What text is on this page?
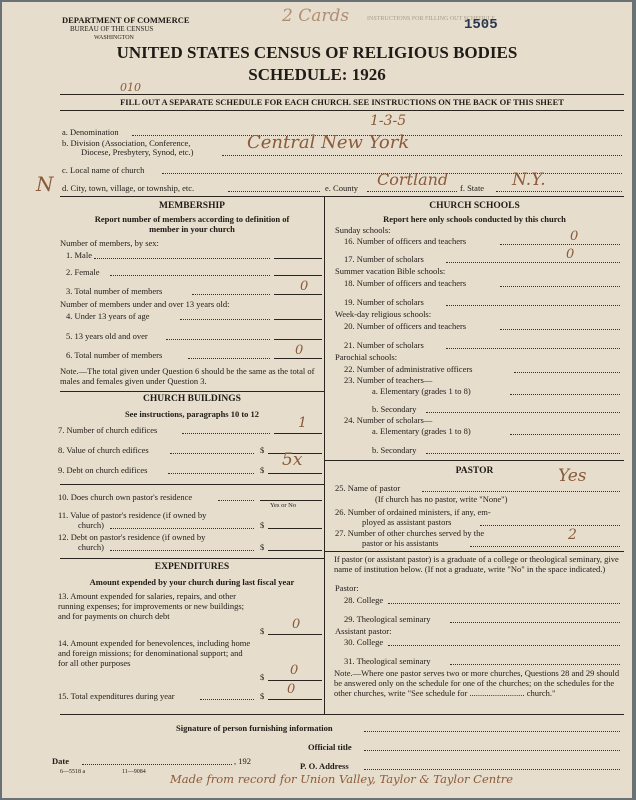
DEPARTMENT OF COMMERCE
BUREAU OF THE CENSUS
WASHINGTON
2 Cards	INSTRUCTIONS FOR FILLING OUT SCHEDULE
1505
UNITED STATES CENSUS OF RELIGIOUS BODIES
SCHEDULE: 1926
010
FILL OUT A SEPARATE SCHEDULE FOR EACH CHURCH. SEE INSTRUCTIONS ON THE BACK OF THIS SHEET
a. Denomination
1-3-5
b. Division (Association, Conference,
Diocese, Presbytery, Synod, etc.)	Central New York
c. Local name of church
N d. City, town, village, or township, etc.	e. County Cortland f. State N.Y.
MEMBERSHIP
Report number of members according to definition of
member in your church
Number of members, by sex:
1. Male
2. Female
3. Total number of members	0
Number of members under and over 13 years old:
4. Under 13 years of age
5. 13 years old and over
6. Total number of members	0
Note.—The total given under Question 6 should be the same as the total of males and females given under Question 3.
CHURCH BUILDINGS
See instructions, paragraphs 10 to 12
7. Number of church edifices	1
8. Value of church edifices	$
9. Debt on church edifices	$ 5x
10. Does church own pastor's residence
Yes or No
11. Value of pastor's residence (if owned by
church)	$
12. Debt on pastor's residence (if owned by
church)	$
EXPENDITURES
Amount expended by your church during last fiscal year
13. Amount expended for salaries, repairs, and other running expenses; for improvements or new buildings; and for payments on church debt
$ 0
14. Amount expended for benevolences, including home and foreign missions; for denominational support; and for all other purposes
$ 0
15. Total expenditures during year	$ 0
CHURCH SCHOOLS
Report here only schools conducted by this church
Sunday schools:
16. Number of officers and teachers	0
17. Number of scholars	0
Summer vacation Bible schools:
18. Number of officers and teachers
19. Number of scholars
Week-day religious schools:
20. Number of officers and teachers
21. Number of scholars
Parochial schools:
22. Number of administrative officers
23. Number of teachers—
a. Elementary (grades 1 to 8)
b. Secondary
24. Number of scholars—
a. Elementary (grades 1 to 8)
b. Secondary
PASTOR
25. Name of pastor
Yes
(If church has no pastor, write "None")
26. Number of ordained ministers, if any, em-
ployed as assistant pastors
27. Number of other churches served by the
pastor or his assistants	2
If pastor (or assistant pastor) is a graduate of a college or theological seminary, give name of institution below. (If not a graduate, write "No" in the space indicated.)
Pastor:
28. College
29. Theological seminary
Assistant pastor:
30. College
31. Theological seminary
Note.—Where one pastor serves two or more churches, Questions 28 and 29 should be answered only on the schedule for one of the churches; on the schedules for the other churches, write "See schedule for .......................... church."
Signature of person furnishing information
Official title
Date	, 192	P. O. Address
6—5518 a	11—9084 Made from record for Union Valley, Taylor & Taylor Centre
